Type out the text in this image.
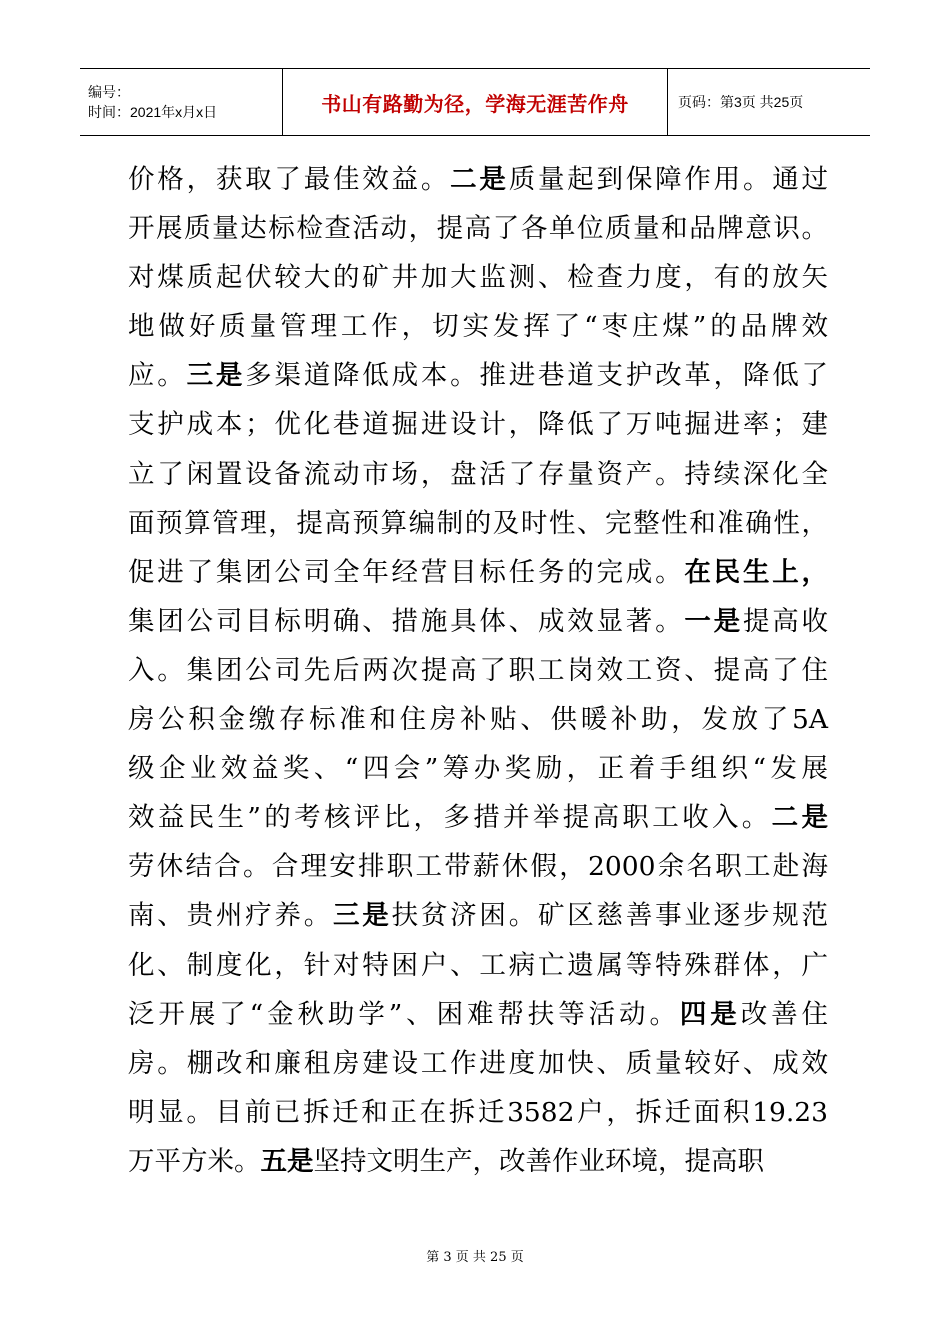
编号：
时间：2021年x月x日	书山有路勤为径，学海无涯苦作舟	页码：第3页 共25页
价格，获取了最佳效益。二是质量起到保障作用。通过
开展质量达标检查活动，提高了各单位质量和品牌意识。
对煤质起伏较大的矿井加大监测、检查力度，有的放矢
地做好质量管理工作，切实发挥了“枣庄煤”的品牌效
应。三是多渠道降低成本。推进巷道支护改革，降低了
支护成本；优化巷道掘进设计，降低了万吨掘进率；建
立了闲置设备流动市场，盘活了存量资产。持续深化全
面预算管理，提高预算编制的及时性、完整性和准确性，
促进了集团公司全年经营目标任务的完成。在民生上，
集团公司目标明确、措施具体、成效显著。一是提高收
入。集团公司先后两次提高了职工岗效工资、提高了住
房公积金缴存标准和住房补贴、供暖补助，发放了5A
级企业效益奖、“四会”筹办奖励，正着手组织“发展
效益民生”的考核评比，多措并举提高职工收入。二是
劳休结合。合理安排职工带薪休假，2000余名职工赴海
南、贵州疗养。三是扶贫济困。矿区慈善事业逐步规范
化、制度化，针对特困户、工病亡遗属等特殊群体，广
泛开展了“金秋助学”、困难帮扶等活动。四是改善住
房。棚改和廉租房建设工作进度加快、质量较好、成效
明显。目前已拆迁和正在拆迁3582户，拆迁面积19.23
万平方米。五是坚持文明生产，改善作业环境，提高职
第 3 页 共 25 页
